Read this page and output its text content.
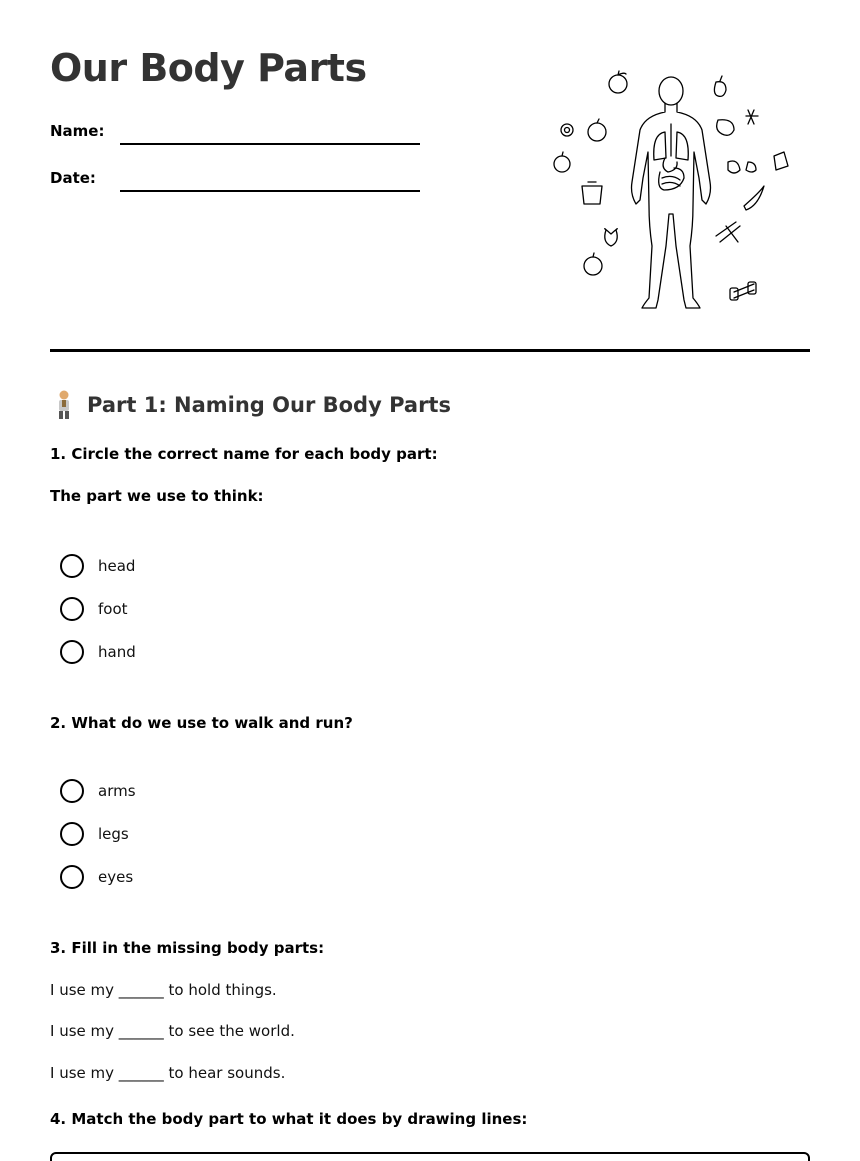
Our Body Parts
Name:
Date:
Part 1: Naming Our Body Parts
1. Circle the correct name for each body part:
The part we use to think:
head
foot
hand
2. What do we use to walk and run?
arms
legs
eyes
3. Fill in the missing body parts:
I use my ______ to hold things.
I use my ______ to see the world.
I use my ______ to hear sounds.
4. Match the body part to what it does by drawing lines:
